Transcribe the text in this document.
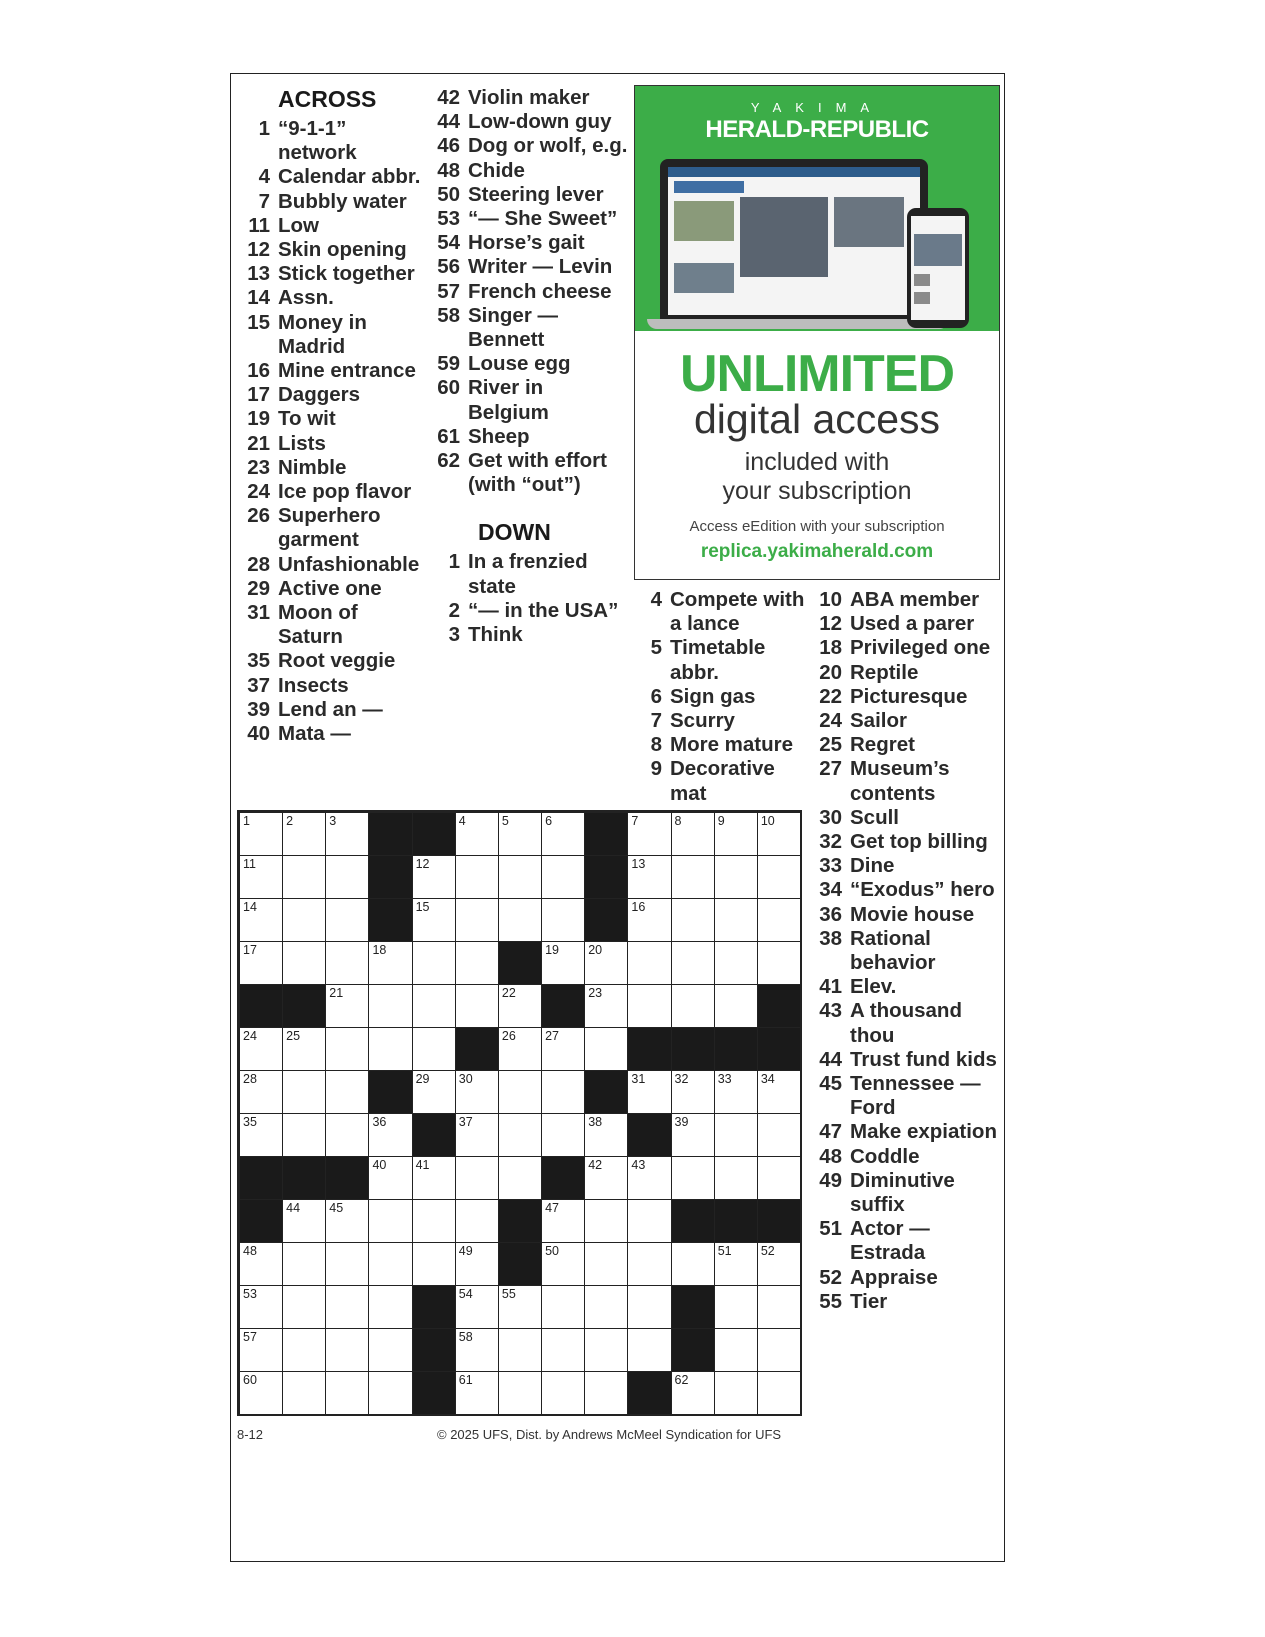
ACROSS
1 “9-1-1” network
4 Calendar abbr.
7 Bubbly water
11 Low
12 Skin opening
13 Stick together
14 Assn.
15 Money in Madrid
16 Mine entrance
17 Daggers
19 To wit
21 Lists
23 Nimble
24 Ice pop flavor
26 Superhero garment
28 Unfashionable
29 Active one
31 Moon of Saturn
35 Root veggie
37 Insects
39 Lend an —
40 Mata —
42 Violin maker
44 Low-down guy
46 Dog or wolf, e.g.
48 Chide
50 Steering lever
53 “— She Sweet”
54 Horse’s gait
56 Writer — Levin
57 French cheese
58 Singer — Bennett
59 Louse egg
60 River in Belgium
61 Sheep
62 Get with effort (with “out”)
DOWN
1 In a frenzied state
2 “— in the USA”
3 Think
4 Compete with a lance
5 Timetable abbr.
6 Sign gas
7 Scurry
8 More mature
9 Decorative mat
10 ABA member
12 Used a parer
18 Privileged one
20 Reptile
22 Picturesque
24 Sailor
25 Regret
27 Museum’s contents
30 Scull
32 Get top billing
33 Dine
34 “Exodus” hero
36 Movie house
38 Rational behavior
41 Elev.
43 A thousand thou
44 Trust fund kids
45 Tennessee — Ford
47 Make expiation
48 Coddle
49 Diminutive suffix
51 Actor — Estrada
52 Appraise
55 Tier
YAKIMA
HERALD-REPUBLIC
UNLIMITED
digital access
included with
your subscription
Access eEdition with your subscription
replica.yakimaherald.com
1	2	3	4	5	6	7	8	9	10
11	12	13
14	15	16
17	18	19 20
21	22	23
24 25	26 27
28	29 30	31 32 33 34
35	36	37	38	39
40 41	42 43
44 45	47
48	49	50	51 52
53	54 55
57	58
60	61	62
8-12	© 2025 UFS, Dist. by Andrews McMeel Syndication for UFS
